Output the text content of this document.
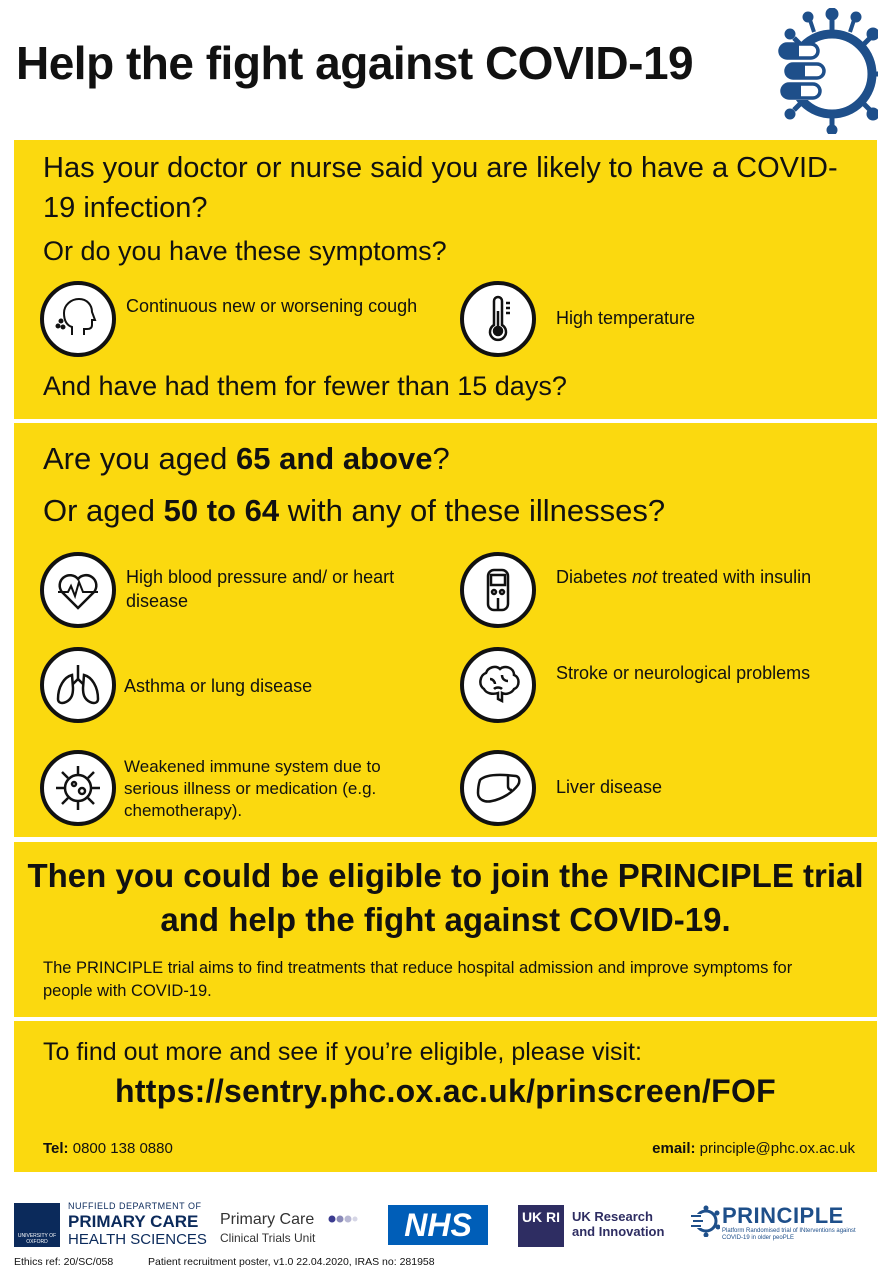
Help the fight against COVID-19
Has your doctor or nurse said you are likely to have a COVID-19 infection?
Or do you have these symptoms?
Continuous new or worsening cough
High temperature
And have had them for fewer than 15 days?
Are you aged 65 and above?
Or aged 50 to 64 with any of these illnesses?
High blood pressure and/ or heart disease
Diabetes not treated with insulin
Asthma or lung disease
Stroke or neurological problems
Weakened immune system due to serious illness or medication (e.g. chemotherapy).
Liver disease
Then you could be eligible to join the PRINCIPLE trial and help the fight against COVID-19.
The PRINCIPLE trial aims to find treatments that reduce hospital admission and improve symptoms for people with COVID-19.
To find out more and see if you’re eligible, please visit:
https://sentry.phc.ox.ac.uk/prinscreen/FOF
Tel: 0800 138 0880	email: principle@phc.ox.ac.uk
UNIVERSITY OF OXFORD
NUFFIELD DEPARTMENT OF
PRIMARY CARE
HEALTH SCIENCES
Primary Care
Clinical Trials Unit	NHS	UK RI UK Research
and Innovation
PRINCIPLE
Platform Randomised trial of INterventions against COVID-19 in older peoPLE
Ethics ref: 20/SC/058	Patient recruitment poster, v1.0 22.04.2020, IRAS no: 281958
